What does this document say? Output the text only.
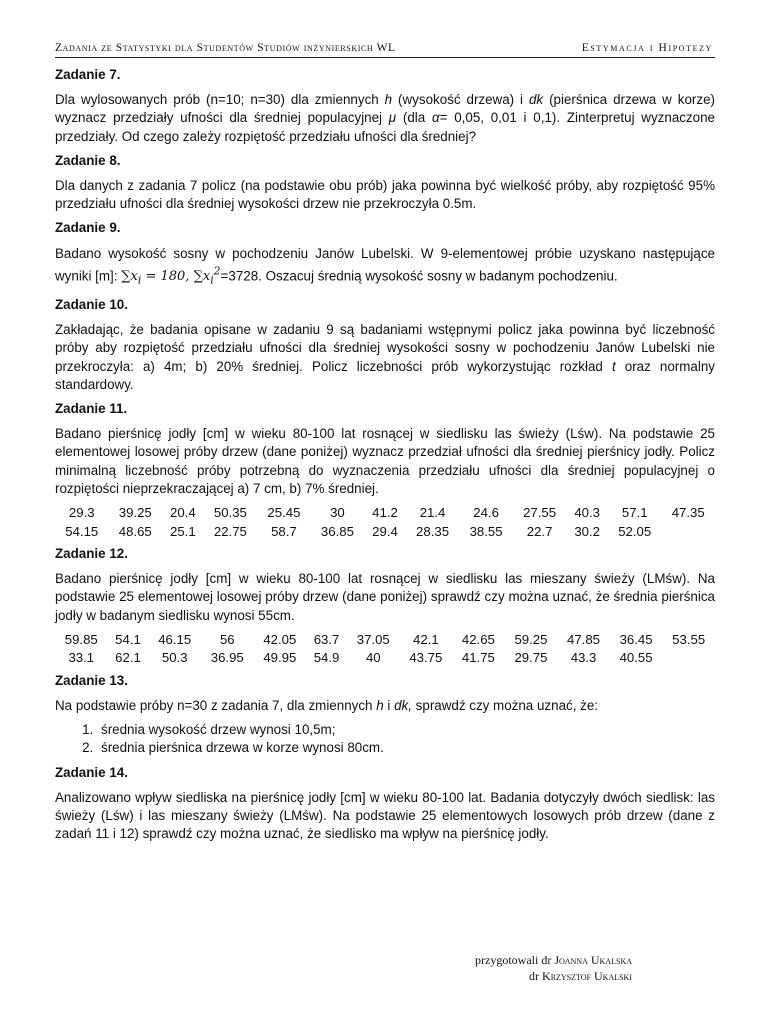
Zadania ze Statystyki dla Studentów Studiów inżynierskich WL	Estymacja i Hipotezy
Zadanie 7.
Dla wylosowanych prób (n=10; n=30) dla zmiennych h (wysokość drzewa) i dk (pierśnica drzewa w korze) wyznacz przedziały ufności dla średniej populacyjnej μ (dla α= 0,05, 0,01 i 0,1). Zinterpretuj wyznaczone przedziały. Od czego zależy rozpiętość przedziału ufności dla średniej?
Zadanie 8.
Dla danych z zadania 7 policz (na podstawie obu prób) jaka powinna być wielkość próby, aby rozpiętość 95% przedziału ufności dla średniej wysokości drzew nie przekroczyła 0.5m.
Zadanie 9.
Badano wysokość sosny w pochodzeniu Janów Lubelski. W 9-elementowej próbie uzyskano następujące wyniki [m]: $\sum x_i = 180$, $\sum x_i^2=3728$. Oszacuj średnią wysokość sosny w badanym pochodzeniu.
Zadanie 10.
Zakładając, że badania opisane w zadaniu 9 są badaniami wstępnymi policz jaka powinna być liczebność próby aby rozpiętość przedziału ufności dla średniej wysokości sosny w pochodzeniu Janów Lubelski nie przekroczyła: a) 4m; b) 20% średniej. Policz liczebności prób wykorzystując rozkład t oraz normalny standardowy.
Zadanie 11.
Badano pierśnicę jodły [cm] w wieku 80-100 lat rosnącej w siedlisku las świeży (Lśw). Na podstawie 25 elementowej losowej próby drzew (dane poniżej) wyznacz przedział ufności dla średniej pierśnicy jodły. Policz minimalną liczebność próby potrzebną do wyznaczenia przedziału ufności dla średniej populacyjnej o rozpiętości nieprzekraczającej a) 7 cm, b) 7% średniej.
29.3	39.25	20.4	50.35	25.45	30	41.2	21.4	24.6	27.55	40.3	57.1	47.35
54.15	48.65	25.1	22.75	58.7	36.85	29.4	28.35	38.55	22.7	30.2	52.05	
Zadanie 12.
Badano pierśnicę jodły [cm] w wieku 80-100 lat rosnącej w siedlisku las mieszany świeży (LMśw). Na podstawie 25 elementowej losowej próby drzew (dane poniżej) sprawdź czy można uznać, że średnia pierśnica jodły w badanym siedlisku wynosi 55cm.
59.85	54.1	46.15	56	42.05	63.7	37.05	42.1	42.65	59.25	47.85	36.45	53.55
33.1	62.1	50.3	36.95	49.95	54.9	40	43.75	41.75	29.75	43.3	40.55	
Zadanie 13.
Na podstawie próby n=30 z zadania 7, dla zmiennych h i dk, sprawdź czy można uznać, że:
1. średnia wysokość drzew wynosi 10,5m;
2. średnia pierśnica drzewa w korze wynosi 80cm.
Zadanie 14.
Analizowano wpływ siedliska na pierśnicę jodły [cm] w wieku 80-100 lat. Badania dotyczyły dwóch siedlisk: las świeży (Lśw) i las mieszany świeży (LMśw). Na podstawie 25 elementowych losowych prób drzew (dane z zadań 11 i 12) sprawdź czy można uznać, że siedlisko ma wpływ na pierśnicę jodły.
przygotowali dr Joanna Ukalska
dr Krzysztof Ukalski
